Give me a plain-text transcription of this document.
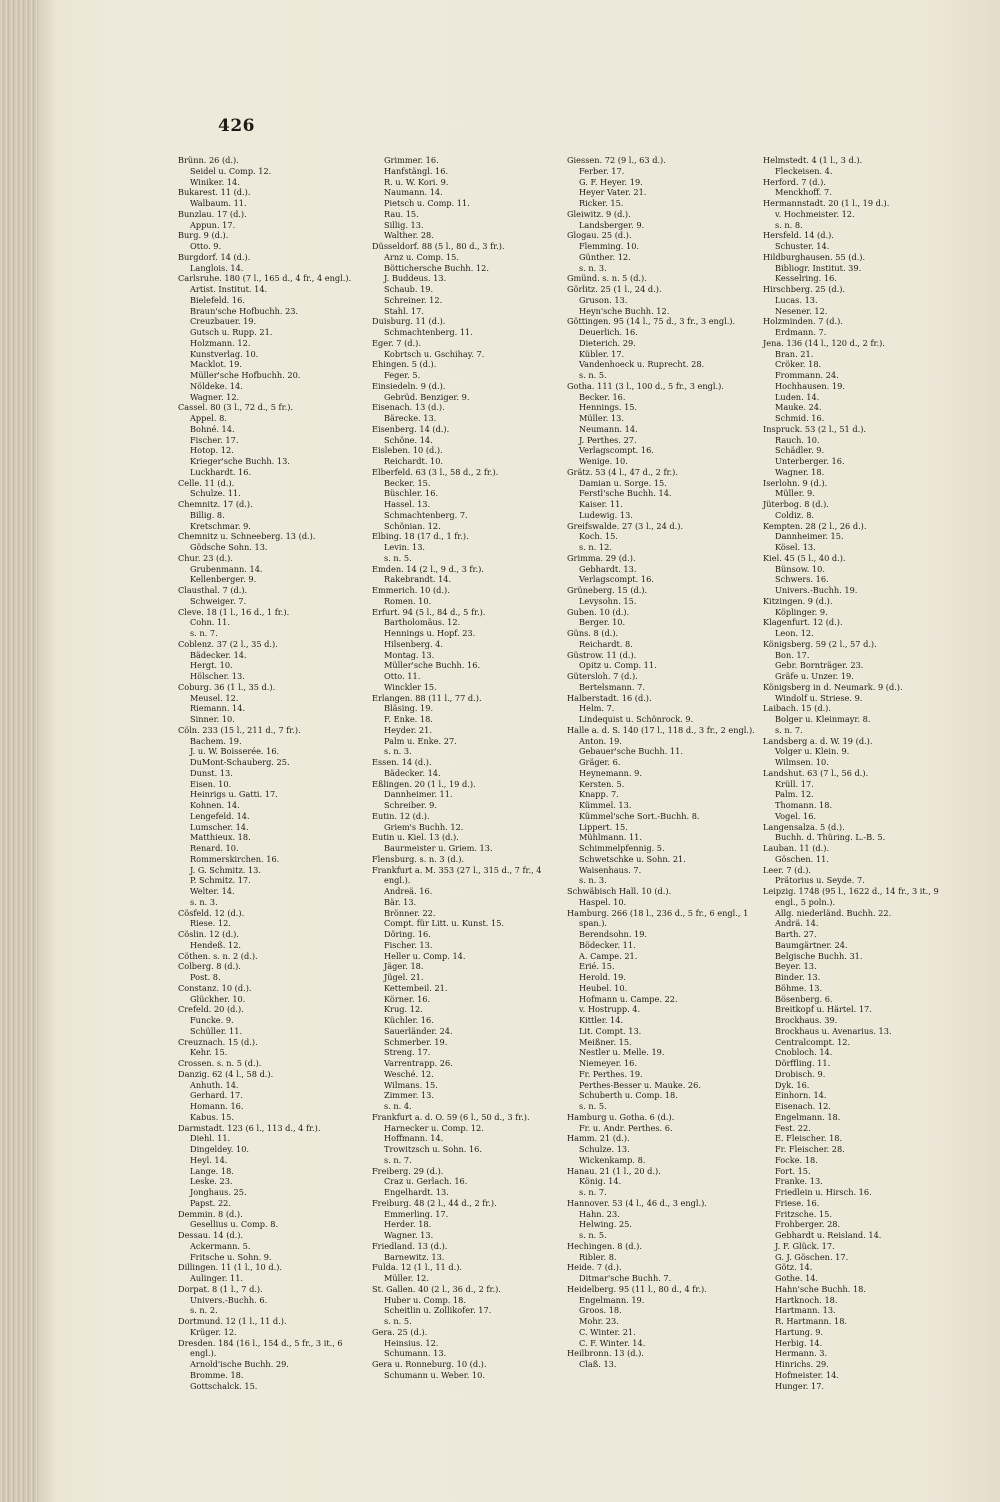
426
Brünn. 26 (d.).
Seidel u. Comp. 12.
Winiker. 14.
Bukarest. 11 (d.).
Walbaum. 11.
Bunzlau. 17 (d.).
Appun. 17.
Burg. 9 (d.).
Otto. 9.
Burgdorf. 14 (d.).
Langlois. 14.
Carlsruhe. 180 (7 l., 165 d., 4 fr., 4 engl.).
Artist. Institut. 14.
Bielefeld. 16.
Braun'sche Hofbuchh. 23.
Creuzbauer. 19.
Gutsch u. Rupp. 21.
Holzmann. 12.
Kunstverlag. 10.
Macklot. 19.
Müller'sche Hofbuchh. 20.
Nöldeke. 14.
Wagner. 12.
Cassel. 80 (3 l., 72 d., 5 fr.).
Appel. 8.
Bohné. 14.
Fischer. 17.
Hotop. 12.
Krieger'sche Buchh. 13.
Luckhardt. 16.
Celle. 11 (d.).
Schulze. 11.
Chemnitz. 17 (d.).
Billig. 8.
Kretschmar. 9.
Chemnitz u. Schneeberg. 13 (d.).
Gödsche Sohn. 13.
Chur. 23 (d.).
Grubenmann. 14.
Kellenberger. 9.
Clausthal. 7 (d.).
Schweiger. 7.
Cleve. 18 (1 l., 16 d., 1 fr.).
Cohn. 11.
s. n. 7.
Coblenz. 37 (2 l., 35 d.).
Bädecker. 14.
Hergt. 10.
Hölscher. 13.
Coburg. 36 (1 l., 35 d.).
Meusel. 12.
Riemann. 14.
Sinner. 10.
Cöln. 233 (15 l., 211 d., 7 fr.).
Bachem. 19.
J. u. W. Boisserée. 16.
DuMont-Schauberg. 25.
Dunst. 13.
Eisen. 10.
Heinrigs u. Gatti. 17.
Kohnen. 14.
Lengefeld. 14.
Lumscher. 14.
Matthieux. 18.
Renard. 10.
Rommerskirchen. 16.
J. G. Schmitz. 13.
P. Schmitz. 17.
Welter. 14.
s. n. 3.
Cösfeld. 12 (d.).
Riese. 12.
Cöslin. 12 (d.).
Hendeß. 12.
Cöthen. s. n. 2 (d.).
Colberg. 8 (d.).
Post. 8.
Constanz. 10 (d.).
Glückher. 10.
Crefeld. 20 (d.).
Funcke. 9.
Schüller. 11.
Creuznach. 15 (d.).
Kehr. 15.
Crossen. s. n. 5 (d.).
Danzig. 62 (4 l., 58 d.).
Anhuth. 14.
Gerhard. 17.
Homann. 16.
Kabus. 15.
Darmstadt. 123 (6 l., 113 d., 4 fr.).
Diehl. 11.
Dingeldey. 10.
Heyl. 14.
Lange. 18.
Leske. 23.
Jonghaus. 25.
Papst. 22.
Demmin. 8 (d.).
Gesellius u. Comp. 8.
Dessau. 14 (d.).
Ackermann. 5.
Fritsche u. Sohn. 9.
Dillingen. 11 (1 l., 10 d.).
Aulinger. 11.
Dorpat. 8 (1 l., 7 d.).
Univers.-Buchh. 6.
s. n. 2.
Dortmund. 12 (1 l., 11 d.).
Krüger. 12.
Dresden. 184 (16 l., 154 d., 5 fr., 3 it., 6 engl.).
Arnold'ische Buchh. 29.
Bromme. 18.
Gottschalck. 15.
Grimmer. 16.
Hanfstängl. 16.
R. u. W. Kori. 9.
Naumann. 14.
Pietsch u. Comp. 11.
Rau. 15.
Sillig. 13.
Walther. 28.
Düsseldorf. 88 (5 l., 80 d., 3 fr.).
Arnz u. Comp. 15.
Böttichersche Buchh. 12.
J. Buddeus. 13.
Schaub. 19.
Schreiner. 12.
Stahl. 17.
Duisburg. 11 (d.).
Schmachtenberg. 11.
Eger. 7 (d.).
Kobrtsch u. Gschihay. 7.
Ehingen. 5 (d.).
Feger. 5.
Einsiedeln. 9 (d.).
Gebrüd. Benziger. 9.
Eisenach. 13 (d.).
Bärecke. 13.
Eisenberg. 14 (d.).
Schöne. 14.
Eisleben. 10 (d.).
Reichardt. 10.
Elberfeld. 63 (3 l., 58 d., 2 fr.).
Becker. 15.
Büschler. 16.
Hassel. 13.
Schmachtenberg. 7.
Schönian. 12.
Elbing. 18 (17 d., 1 fr.).
Levin. 13.
s. n. 5.
Emden. 14 (2 l., 9 d., 3 fr.).
Rakebrandt. 14.
Emmerich. 10 (d.).
Romen. 10.
Erfurt. 94 (5 l., 84 d., 5 fr.).
Bartholomäus. 12.
Hennings u. Hopf. 23.
Hilsenberg. 4.
Montag. 13.
Müller'sche Buchh. 16.
Otto. 11.
Winckler 15.
Erlangen. 88 (11 l., 77 d.).
Bläsing. 19.
F. Enke. 18.
Heyder. 21.
Palm u. Enke. 27.
s. n. 3.
Essen. 14 (d.).
Bädecker. 14.
Eßlingen. 20 (1 l., 19 d.).
Dannheimer. 11.
Schreiber. 9.
Eutin. 12 (d.).
Griem's Buchh. 12.
Eutin u. Kiel. 13 (d.).
Baurmeister u. Griem. 13.
Flensburg. s. n. 3 (d.).
Frankfurt a. M. 353 (27 l., 315 d., 7 fr., 4 engl.).
Andreä. 16.
Bär. 13.
Brönner. 22.
Compt. für Litt. u. Kunst. 15.
Döring. 16.
Fischer. 13.
Heller u. Comp. 14.
Jäger. 18.
Jügel. 21.
Kettembeil. 21.
Körner. 16.
Krug. 12.
Küchler. 16.
Sauerländer. 24.
Schmerber. 19.
Streng. 17.
Varrentrapp. 26.
Wesché. 12.
Wilmans. 15.
Zimmer. 13.
s. n. 4.
Frankfurt a. d. O. 59 (6 l., 50 d., 3 fr.).
Harnecker u. Comp. 12.
Hoffmann. 14.
Trowitzsch u. Sohn. 16.
s. n. 7.
Freiberg. 29 (d.).
Craz u. Gerlach. 16.
Engelhardt. 13.
Freiburg. 48 (2 l., 44 d., 2 fr.).
Emmerling. 17.
Herder. 18.
Wagner. 13.
Friedland. 13 (d.).
Barnewitz. 13.
Fulda. 12 (1 l., 11 d.).
Müller. 12.
St. Gallen. 40 (2 l., 36 d., 2 fr.).
Huber u. Comp. 18.
Scheitlin u. Zollikofer. 17.
s. n. 5.
Gera. 25 (d.).
Heinsius. 12.
Schumann. 13.
Gera u. Ronneburg. 10 (d.).
Schumann u. Weber. 10.
Giessen. 72 (9 l., 63 d.).
Ferber. 17.
G. F. Heyer. 19.
Heyer Vater. 21.
Ricker. 15.
Gleiwitz. 9 (d.).
Landsberger. 9.
Glogau. 25 (d.).
Flemming. 10.
Günther. 12.
s. n. 3.
Gmünd. s. n. 5 (d.).
Görlitz. 25 (1 l., 24 d.).
Gruson. 13.
Heyn'sche Buchh. 12.
Göttingen. 95 (14 l., 75 d., 3 fr., 3 engl.).
Deuerlich. 16.
Dieterich. 29.
Kübler. 17.
Vandenhoeck u. Ruprecht. 28.
s. n. 5.
Gotha. 111 (3 l., 100 d., 5 fr., 3 engl.).
Becker. 16.
Hennings. 15.
Müller. 13.
Neumann. 14.
J. Perthes. 27.
Verlagscompt. 16.
Wenige. 10.
Grätz. 53 (4 l., 47 d., 2 fr.).
Damian u. Sorge. 15.
Ferstl'sche Buchh. 14.
Kaiser. 11.
Ludewig. 13.
Greifswalde. 27 (3 l., 24 d.).
Koch. 15.
s. n. 12.
Grimma. 29 (d.).
Gebhardt. 13.
Verlagscompt. 16.
Grüneberg. 15 (d.).
Levysohn. 15.
Guben. 10 (d.).
Berger. 10.
Güns. 8 (d.).
Reichardt. 8.
Güstrow. 11 (d.).
Opitz u. Comp. 11.
Gütersloh. 7 (d.).
Bertelsmann. 7.
Halberstadt. 16 (d.).
Helm. 7.
Lindequist u. Schönrock. 9.
Halle a. d. S. 140 (17 l., 118 d., 3 fr., 2 engl.).
Anton. 19.
Gebauer'sche Buchh. 11.
Gräger. 6.
Heynemann. 9.
Kersten. 5.
Knapp. 7.
Kümmel. 13.
Kümmel'sche Sort.-Buchh. 8.
Lippert. 15.
Mühlmann. 11.
Schimmelpfennig. 5.
Schwetschke u. Sohn. 21.
Waisenhaus. 7.
s. n. 3.
Schwäbisch Hall. 10 (d.).
Haspel. 10.
Hamburg. 266 (18 l., 236 d., 5 fr., 6 engl., 1 span.).
Berendsohn. 19.
Bödecker. 11.
A. Campe. 21.
Erié. 15.
Herold. 19.
Heubel. 10.
Hofmann u. Campe. 22.
v. Hostrupp. 4.
Kittler. 14.
Lit. Compt. 13.
Meißner. 15.
Nestler u. Melle. 19.
Niemeyer. 16.
Fr. Perthes. 19.
Perthes-Besser u. Mauke. 26.
Schuberth u. Comp. 18.
s. n. 5.
Hamburg u. Gotha. 6 (d.).
Fr. u. Andr. Perthes. 6.
Hamm. 21 (d.).
Schulze. 13.
Wickenkamp. 8.
Hanau. 21 (1 l., 20 d.).
König. 14.
s. n. 7.
Hannover. 53 (4 l., 46 d., 3 engl.).
Hahn. 23.
Helwing. 25.
s. n. 5.
Hechingen. 8 (d.).
Ribler. 8.
Heide. 7 (d.).
Ditmar'sche Buchh. 7.
Heidelberg. 95 (11 l., 80 d., 4 fr.).
Engelmann. 19.
Groos. 18.
Mohr. 23.
C. Winter. 21.
C. F. Winter. 14.
Heilbronn. 13 (d.).
Claß. 13.
Helmstedt. 4 (1 l., 3 d.).
Fleckeisen. 4.
Herford. 7 (d.).
Menckhoff. 7.
Hermannstadt. 20 (1 l., 19 d.).
v. Hochmeister. 12.
s. n. 8.
Hersfeld. 14 (d.).
Schuster. 14.
Hildburghausen. 55 (d.).
Bibliogr. Institut. 39.
Kesselring. 16.
Hirschberg. 25 (d.).
Lucas. 13.
Nesener. 12.
Holzminden. 7 (d.).
Erdmann. 7.
Jena. 136 (14 l., 120 d., 2 fr.).
Bran. 21.
Cröker. 18.
Frommann. 24.
Hochhausen. 19.
Luden. 14.
Mauke. 24.
Schmid. 16.
Inspruck. 53 (2 l., 51 d.).
Rauch. 10.
Schädler. 9.
Unterberger. 16.
Wagner. 18.
Iserlohn. 9 (d.).
Müller. 9.
Jüterbog. 8 (d.).
Coldiz. 8.
Kempten. 28 (2 l., 26 d.).
Dannheimer. 15.
Kösel. 13.
Kiel. 45 (5 l., 40 d.).
Bünsow. 10.
Schwers. 16.
Univers.-Buchh. 19.
Kitzingen. 9 (d.).
Köplinger. 9.
Klagenfurt. 12 (d.).
Leon. 12.
Königsberg. 59 (2 l., 57 d.).
Bon. 17.
Gebr. Bornträger. 23.
Gräfe u. Unzer. 19.
Königsberg in d. Neumark. 9 (d.).
Windolf u. Striese. 9.
Laibach. 15 (d.).
Bolger u. Kleinmayr. 8.
s. n. 7.
Landsberg a. d. W. 19 (d.).
Volger u. Klein. 9.
Wilmsen. 10.
Landshut. 63 (7 l., 56 d.).
Krüll. 17.
Palm. 12.
Thomann. 18.
Vogel. 16.
Langensalza. 5 (d.).
Buchh. d. Thüring. L.-B. 5.
Lauban. 11 (d.).
Göschen. 11.
Leer. 7 (d.).
Prätorius u. Seyde. 7.
Leipzig. 1748 (95 l., 1622 d., 14 fr., 3 it., 9 engl., 5 poln.).
Allg. niederländ. Buchh. 22.
Andrä. 14.
Barth. 27.
Baumgärtner. 24.
Belgische Buchh. 31.
Beyer. 13.
Binder. 13.
Böhme. 13.
Bösenberg. 6.
Breitkopf u. Härtel. 17.
Brockhaus. 39.
Brockhaus u. Avenarius. 13.
Centralcompt. 12.
Cnobloch. 14.
Dörffling. 11.
Drobisch. 9.
Dyk. 16.
Einhorn. 14.
Eisenach. 12.
Engelmann. 18.
Fest. 22.
E. Fleischer. 18.
Fr. Fleischer. 28.
Focke. 18.
Fort. 15.
Franke. 13.
Friedlein u. Hirsch. 16.
Friese. 16.
Fritzsche. 15.
Frohberger. 28.
Gebhardt u. Reisland. 14.
J. F. Glück. 17.
G. J. Göschen. 17.
Götz. 14.
Gothe. 14.
Hahn'sche Buchh. 18.
Hartknoch. 18.
Hartmann. 13.
R. Hartmann. 18.
Hartung. 9.
Herbig. 14.
Hermann. 3.
Hinrichs. 29.
Hofmeister. 14.
Hunger. 17.
